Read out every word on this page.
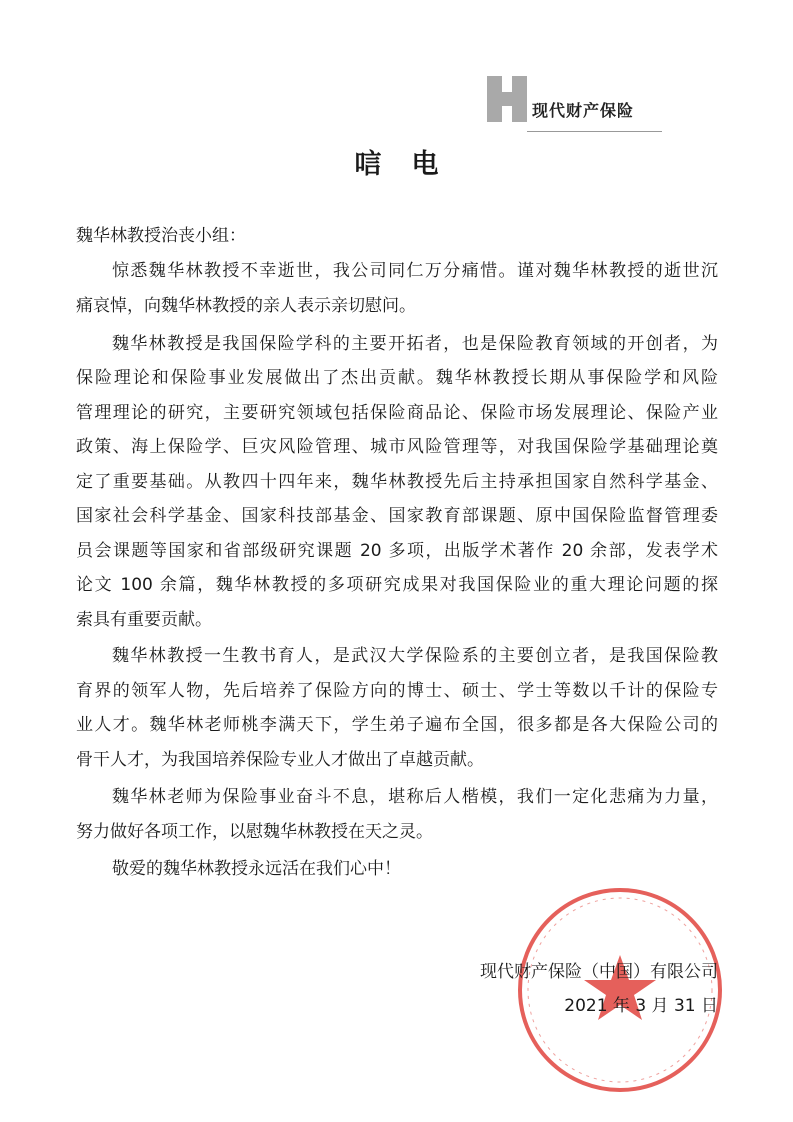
现代财产保险
唁电
魏华林教授治丧小组：
惊悉魏华林教授不幸逝世，我公司同仁万分痛惜。谨对魏华林教授的逝世沉
痛哀悼，向魏华林教授的亲人表示亲切慰问。
魏华林教授是我国保险学科的主要开拓者，也是保险教育领域的开创者，为
保险理论和保险事业发展做出了杰出贡献。魏华林教授长期从事保险学和风险
管理理论的研究，主要研究领域包括保险商品论、保险市场发展理论、保险产业
政策、海上保险学、巨灾风险管理、城市风险管理等，对我国保险学基础理论奠
定了重要基础。从教四十四年来，魏华林教授先后主持承担国家自然科学基金、
国家社会科学基金、国家科技部基金、国家教育部课题、原中国保险监督管理委
员会课题等国家和省部级研究课题 20 多项，出版学术著作 20 余部，发表学术
论文 100 余篇，魏华林教授的多项研究成果对我国保险业的重大理论问题的探
索具有重要贡献。
魏华林教授一生教书育人，是武汉大学保险系的主要创立者，是我国保险教
育界的领军人物，先后培养了保险方向的博士、硕士、学士等数以千计的保险专
业人才。魏华林老师桃李满天下，学生弟子遍布全国，很多都是各大保险公司的
骨干人才，为我国培养保险专业人才做出了卓越贡献。
魏华林老师为保险事业奋斗不息，堪称后人楷模，我们一定化悲痛为力量，
努力做好各项工作，以慰魏华林教授在天之灵。
敬爱的魏华林教授永远活在我们心中！
现代财产保险（中国）有限公司
2021 年 3 月 31 日
